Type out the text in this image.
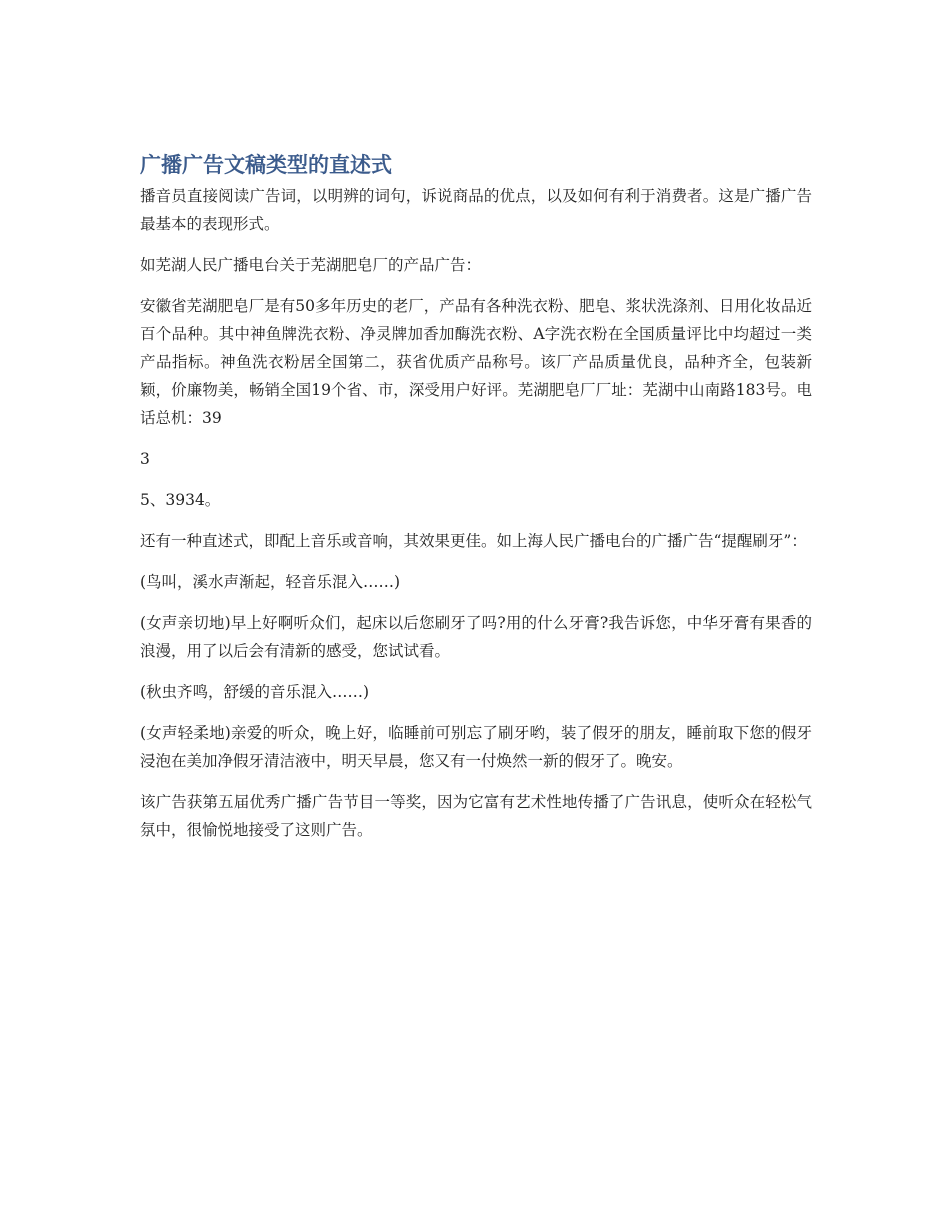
广播广告文稿类型的直述式

播音员直接阅读广告词，以明辨的词句，诉说商品的优点，以及如何有利于消费者。这是广播广告最基本的表现形式。

如芜湖人民广播电台关于芜湖肥皂厂的产品广告：

安徽省芜湖肥皂厂是有50多年历史的老厂，产品有各种洗衣粉、肥皂、浆状洗涤剂、日用化妆品近百个品种。其中神鱼牌洗衣粉、净灵牌加香加酶洗衣粉、A字洗衣粉在全国质量评比中均超过一类产品指标。神鱼洗衣粉居全国第二，获省优质产品称号。该厂产品质量优良，品种齐全，包装新颖，价廉物美，畅销全国19个省、市，深受用户好评。芜湖肥皂厂厂址：芜湖中山南路183号。电话总机：39

3

5、3934。

还有一种直述式，即配上音乐或音响，其效果更佳。如上海人民广播电台的广播广告“提醒刷牙”：

(鸟叫，溪水声渐起，轻音乐混入……)

(女声亲切地)早上好啊听众们，起床以后您刷牙了吗?用的什么牙膏?我告诉您，中华牙膏有果香的浪漫，用了以后会有清新的感受，您试试看。

(秋虫齐鸣，舒缓的音乐混入……)

(女声轻柔地)亲爱的听众，晚上好，临睡前可别忘了刷牙哟，装了假牙的朋友，睡前取下您的假牙浸泡在美加净假牙清洁液中，明天早晨，您又有一付焕然一新的假牙了。晚安。

该广告获第五届优秀广播广告节目一等奖，因为它富有艺术性地传播了广告讯息，使听众在轻松气氛中，很愉悦地接受了这则广告。
